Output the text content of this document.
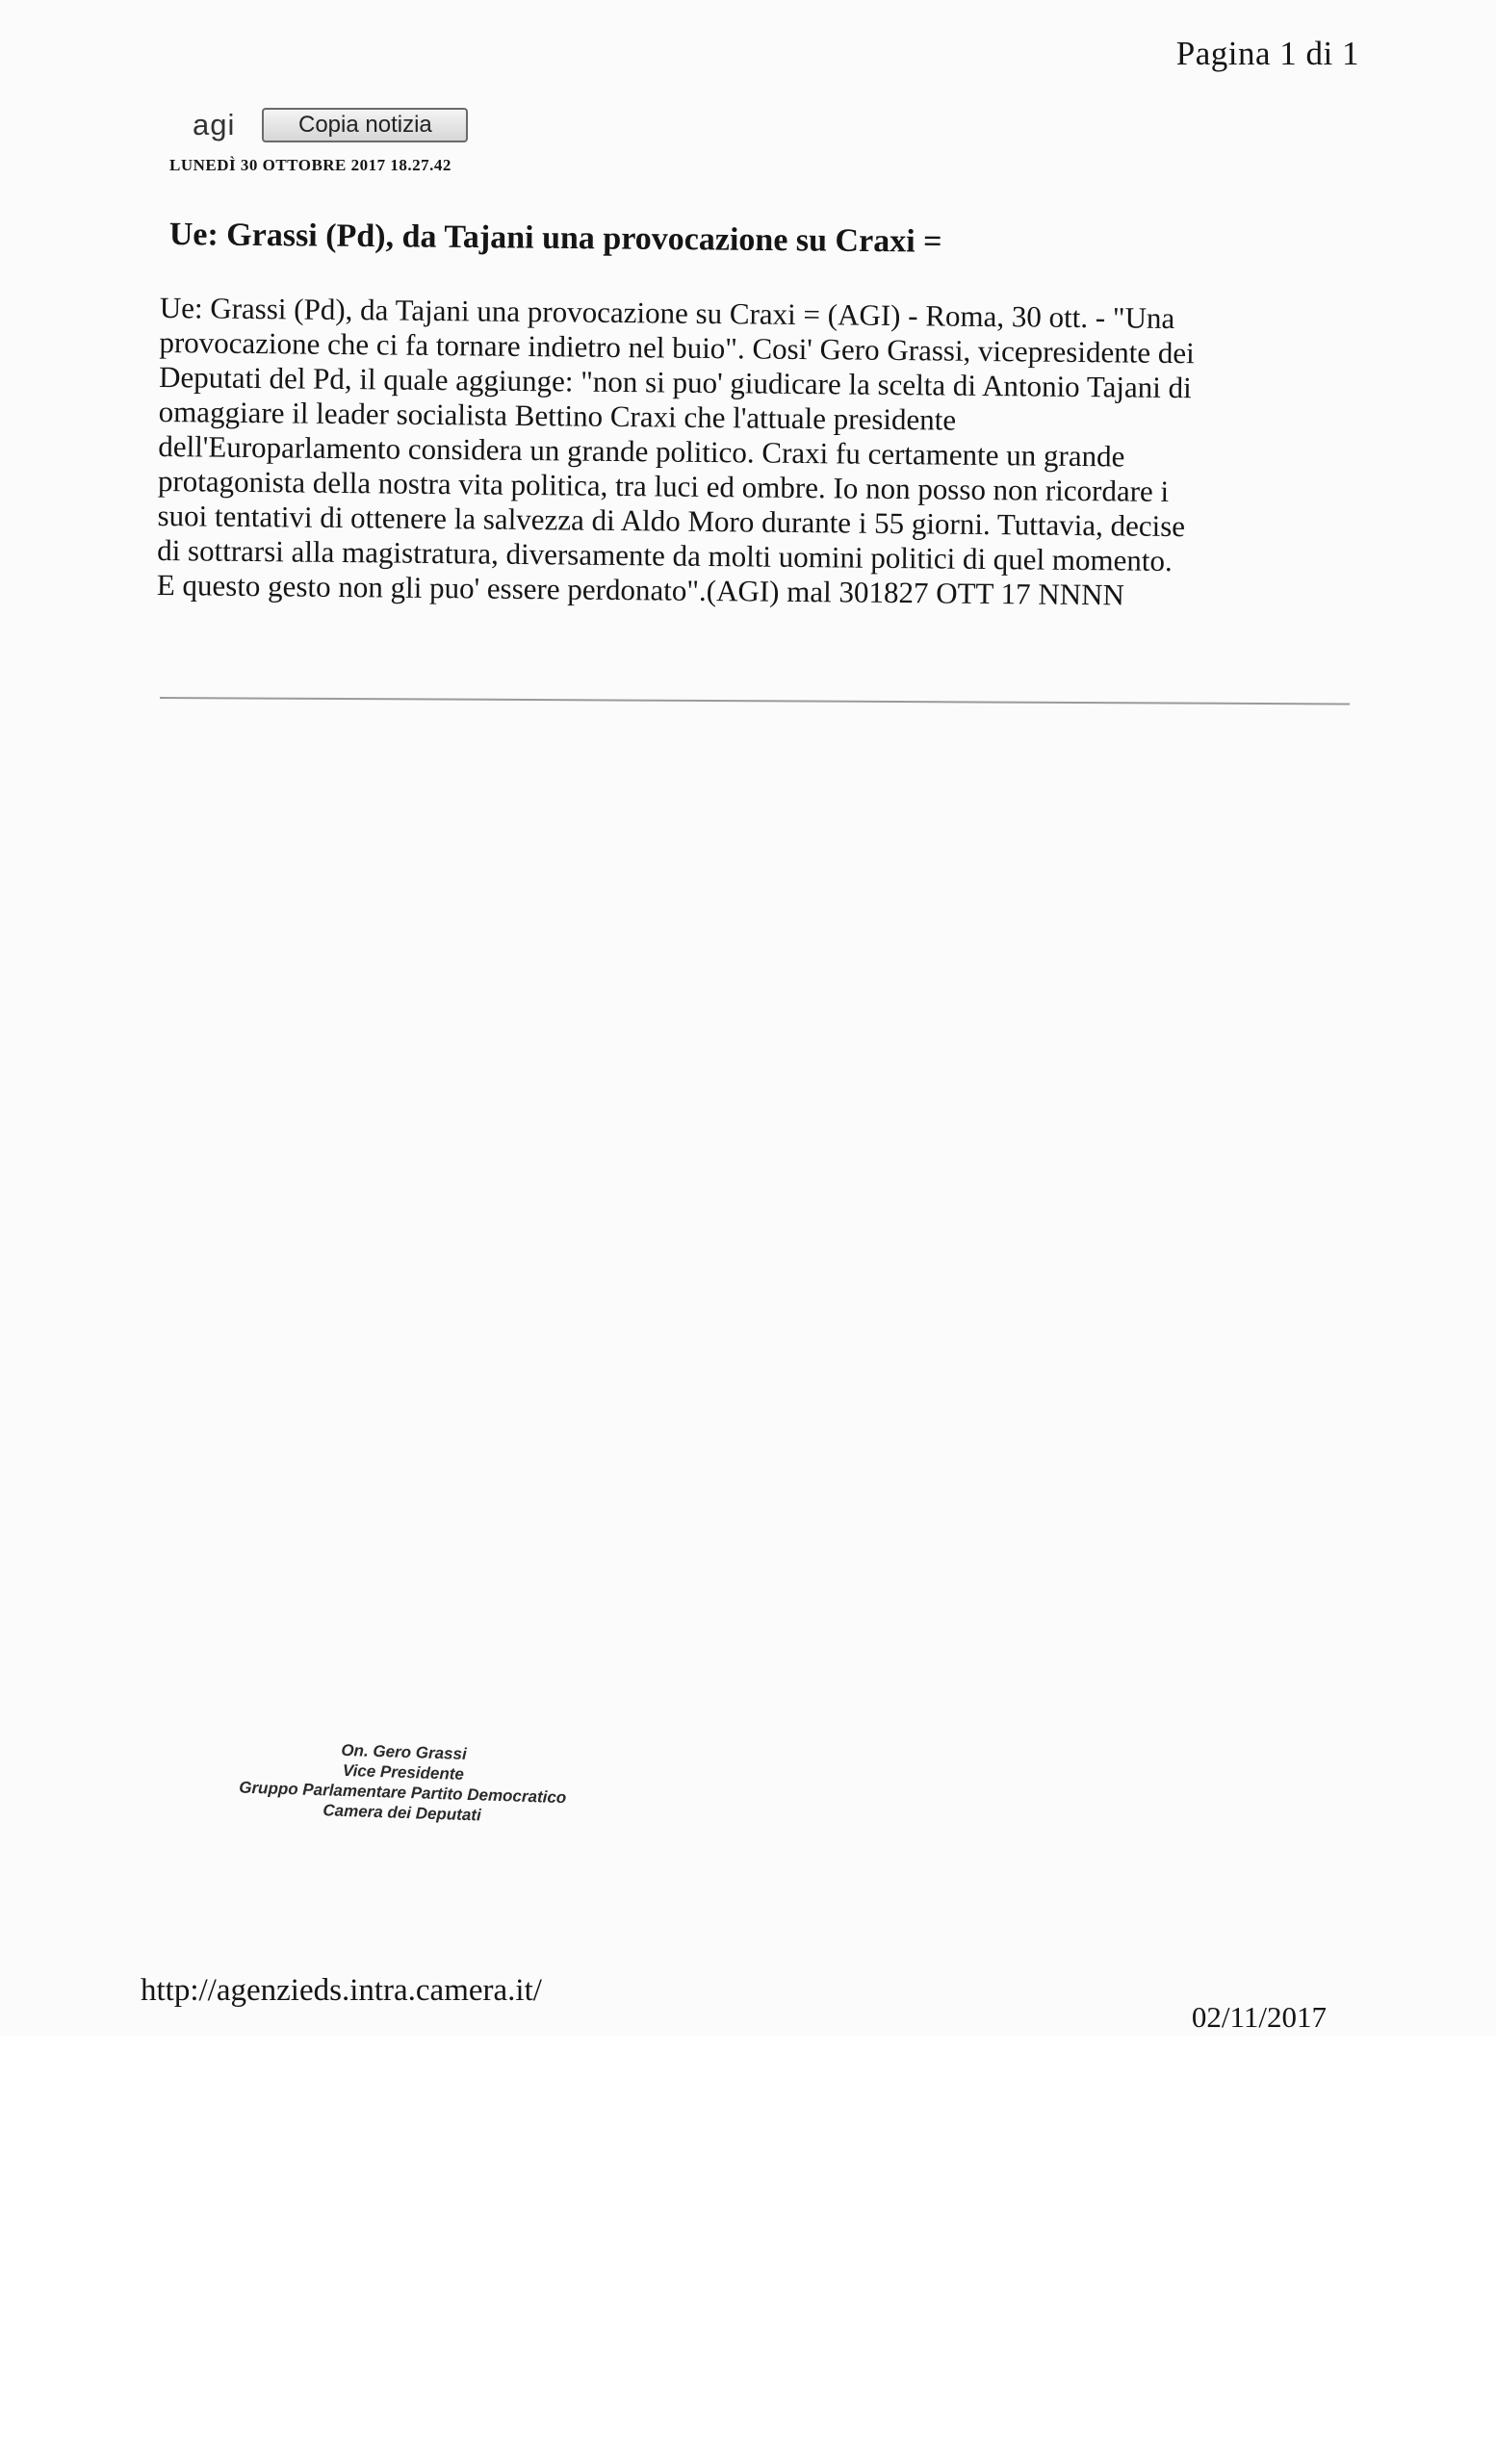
Pagina 1 di 1
agi	Copia notizia
LUNEDÌ 30 OTTOBRE 2017 18.27.42
Ue: Grassi (Pd), da Tajani una provocazione su Craxi =
Ue: Grassi (Pd), da Tajani una provocazione su Craxi = (AGI) - Roma, 30 ott. - "Una
provocazione che ci fa tornare indietro nel buio". Cosi' Gero Grassi, vicepresidente dei
Deputati del Pd, il quale aggiunge: "non si puo' giudicare la scelta di Antonio Tajani di
omaggiare il leader socialista Bettino Craxi che l'attuale presidente
dell'Europarlamento considera un grande politico. Craxi fu certamente un grande
protagonista della nostra vita politica, tra luci ed ombre. Io non posso non ricordare i
suoi tentativi di ottenere la salvezza di Aldo Moro durante i 55 giorni. Tuttavia, decise
di sottrarsi alla magistratura, diversamente da molti uomini politici di quel momento.
E questo gesto non gli puo' essere perdonato".(AGI) mal 301827 OTT 17 NNNN
On. Gero Grassi
Vice Presidente
Gruppo Parlamentare Partito Democratico
Camera dei Deputati
http://agenzieds.intra.camera.it/
02/11/2017
